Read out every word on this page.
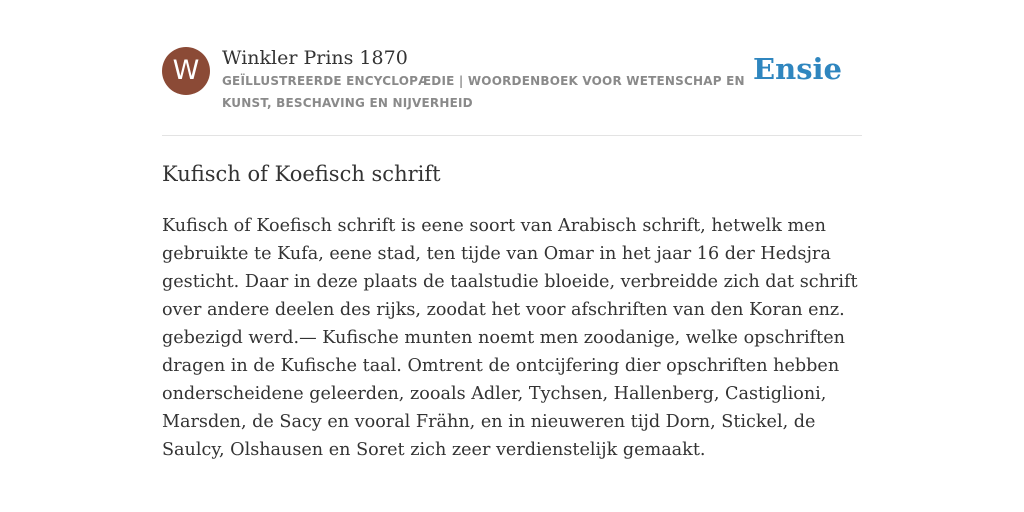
W	Winkler Prins 1870

GEÏLLUSTREERDE ENCYCLOPÆDIE | WOORDENBOEK VOOR WETENSCHAP EN KUNST, BESCHAVING EN NIJVERHEID

Ensie
Kufisch of Koefisch schrift

Kufisch of Koefisch schrift is eene soort van Arabisch schrift, hetwelk men gebruikte te Kufa, eene stad, ten tijde van Omar in het jaar 16 der Hedsjra gesticht. Daar in deze plaats de taalstudie bloeide, verbreidde zich dat schrift over andere deelen des rijks, zoodat het voor afschriften van den Koran enz. gebezigd werd.— Kufische munten noemt men zoodanige, welke opschriften dragen in de Kufische taal. Omtrent de ontcijfering dier opschriften hebben onderscheidene geleerden, zooals Adler, Tychsen, Hallenberg, Castiglioni, Marsden, de Sacy en vooral Frähn, en in nieuweren tijd Dorn, Stickel, de Saulcy, Olshausen en Soret zich zeer verdienstelijk gemaakt.
